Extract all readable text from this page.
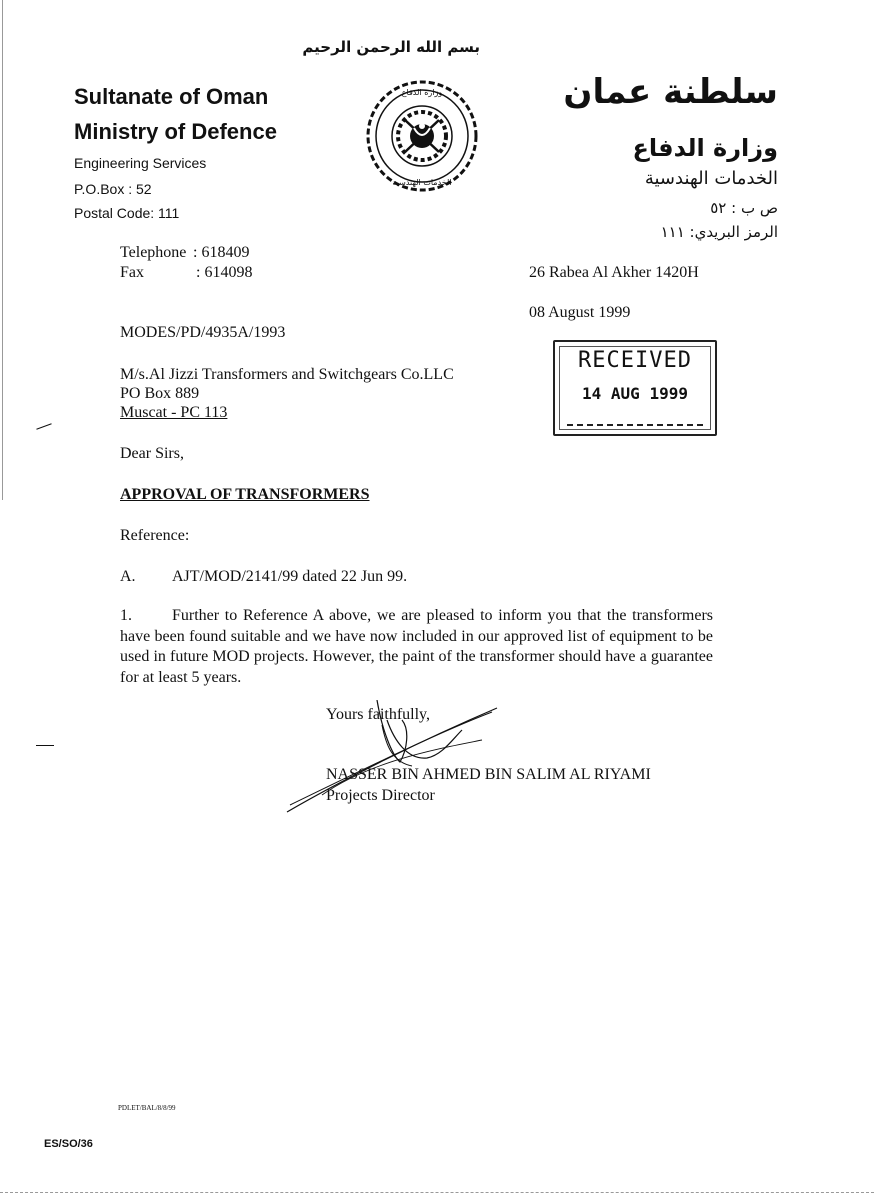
Sultanate of Oman
Ministry of Defence
Engineering Services
P.O.Box : 52
Postal Code: 111
بسم الله الرحمن الرحيم
وزارة الدفاع
الخدمات الهندسية
سلطنة عمان
وزارة الدفاع
الخدمات الهندسية
ص ب : ٥٢
الرمز البريدي: ١١١
Telephone : 618409
Fax	: 614098	26 Rabea Al Akher 1420H
08 August 1999
MODES/PD/4935A/1993
RECEIVED
14 AUG 1999
M/s.Al Jizzi Transformers and Switchgears Co.LLC
PO Box 889
Muscat - PC 113
Dear Sirs,
APPROVAL OF TRANSFORMERS
Reference:
A. AJT/MOD/2141/99 dated 22 Jun 99.
1.	Further to Reference A above, we are pleased to inform you that the transformers have been found suitable and we have now included in our approved list of equipment to be used in future MOD projects. However, the paint of the transformer should have a guarantee for at least 5 years.
Yours faithfully,
NASSER BIN AHMED BIN SALIM AL RIYAMI
Projects Director
PDLET/BAL/8/8/99
ES/SO/36
